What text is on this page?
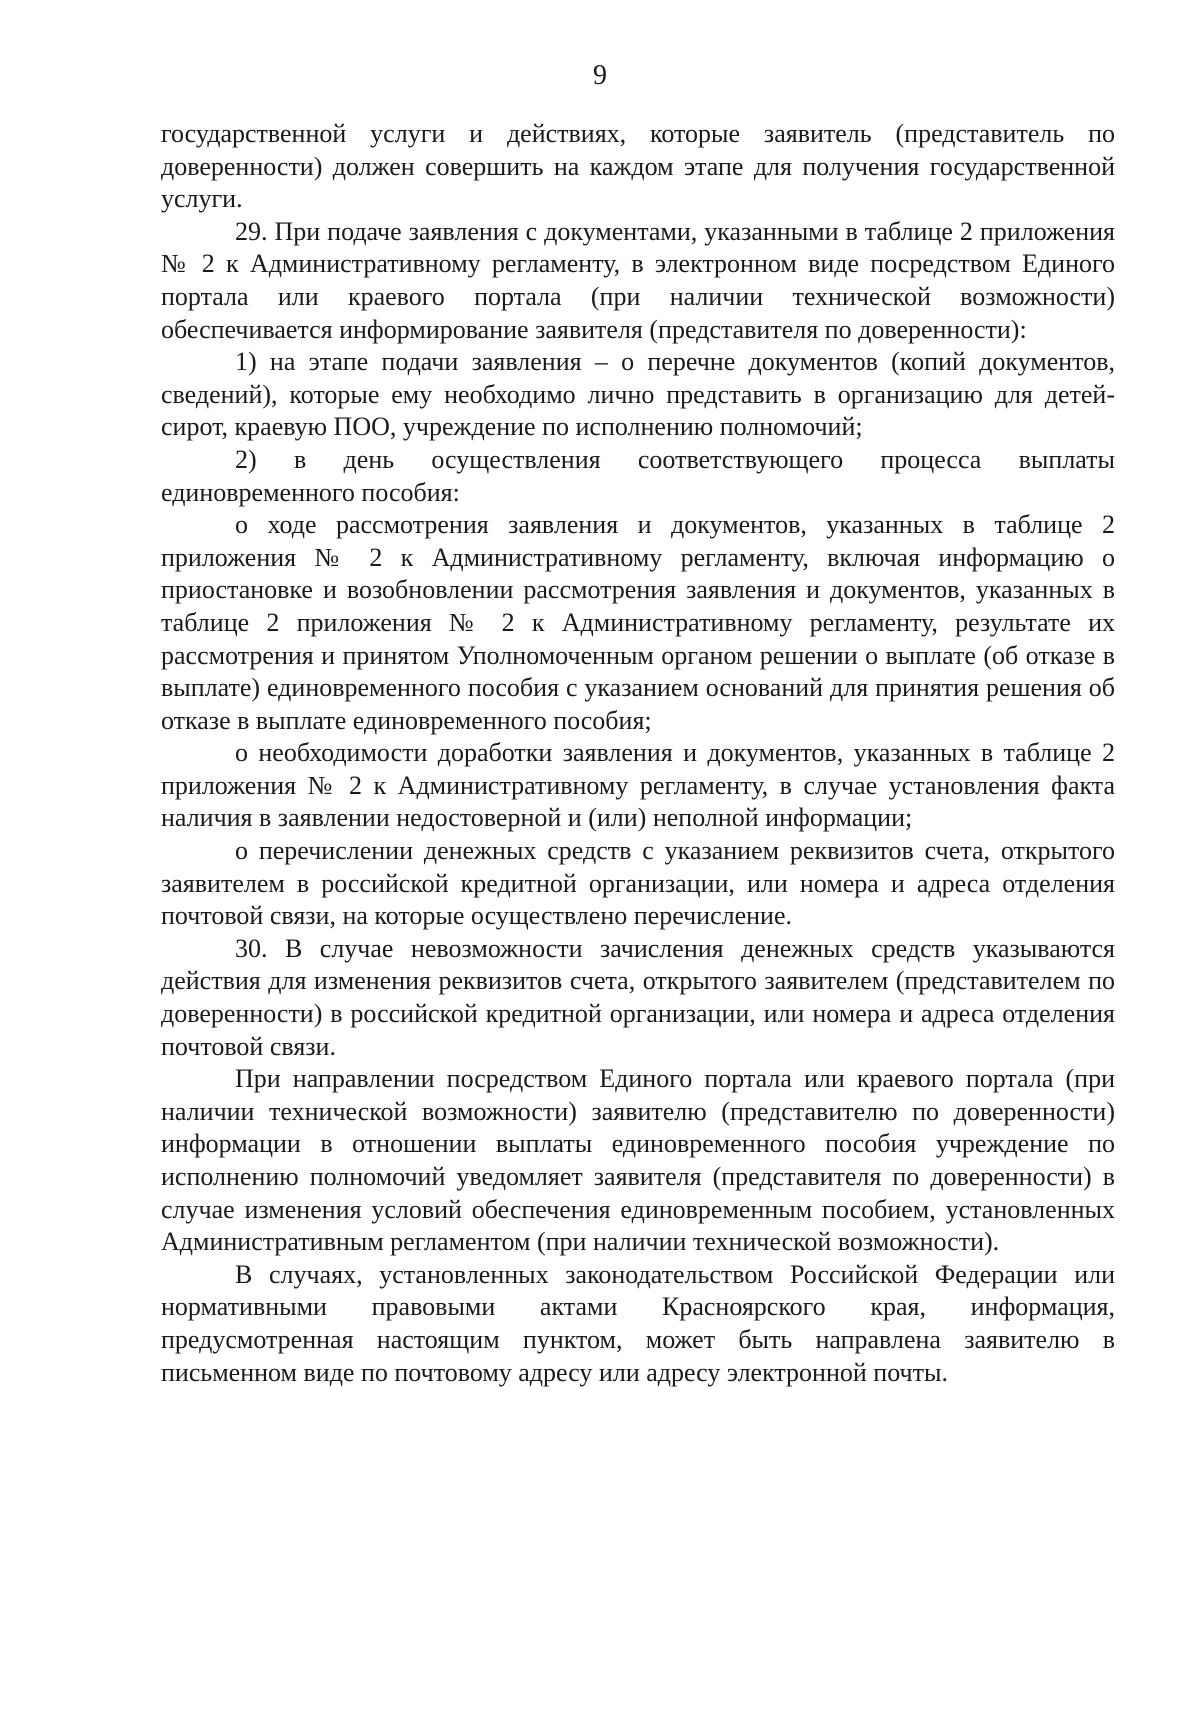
9

государственной услуги и действиях, которые заявитель (представитель по доверенности) должен совершить на каждом этапе для получения государственной услуги.

29. При подаче заявления с документами, указанными в таблице 2 приложения № 2 к Административному регламенту, в электронном виде посредством Единого портала или краевого портала (при наличии технической возможности) обеспечивается информирование заявителя (представителя по доверенности):

1) на этапе подачи заявления – о перечне документов (копий документов, сведений), которые ему необходимо лично представить в организацию для детей-сирот, краевую ПОО, учреждение по исполнению полномочий;

2) в день осуществления соответствующего процесса выплаты единовременного пособия:

о ходе рассмотрения заявления и документов, указанных в таблице 2 приложения № 2 к Административному регламенту, включая информацию о приостановке и возобновлении рассмотрения заявления и документов, указанных в таблице 2 приложения № 2 к Административному регламенту, результате их рассмотрения и принятом Уполномоченным органом решении о выплате (об отказе в выплате) единовременного пособия с указанием оснований для принятия решения об отказе в выплате единовременного пособия;

о необходимости доработки заявления и документов, указанных в таблице 2 приложения № 2 к Административному регламенту, в случае установления факта наличия в заявлении недостоверной и (или) неполной информации;

о перечислении денежных средств с указанием реквизитов счета, открытого заявителем в российской кредитной организации, или номера и адреса отделения почтовой связи, на которые осуществлено перечисление.

30. В случае невозможности зачисления денежных средств указываются действия для изменения реквизитов счета, открытого заявителем (представителем по доверенности) в российской кредитной организации, или номера и адреса отделения почтовой связи.

При направлении посредством Единого портала или краевого портала (при наличии технической возможности) заявителю (представителю по доверенности) информации в отношении выплаты единовременного пособия учреждение по исполнению полномочий уведомляет заявителя (представителя по доверенности) в случае изменения условий обеспечения единовременным пособием, установленных Административным регламентом (при наличии технической возможности).

В случаях, установленных законодательством Российской Федерации или нормативными правовыми актами Красноярского края, информация, предусмотренная настоящим пунктом, может быть направлена заявителю в письменном виде по почтовому адресу или адресу электронной почты.
